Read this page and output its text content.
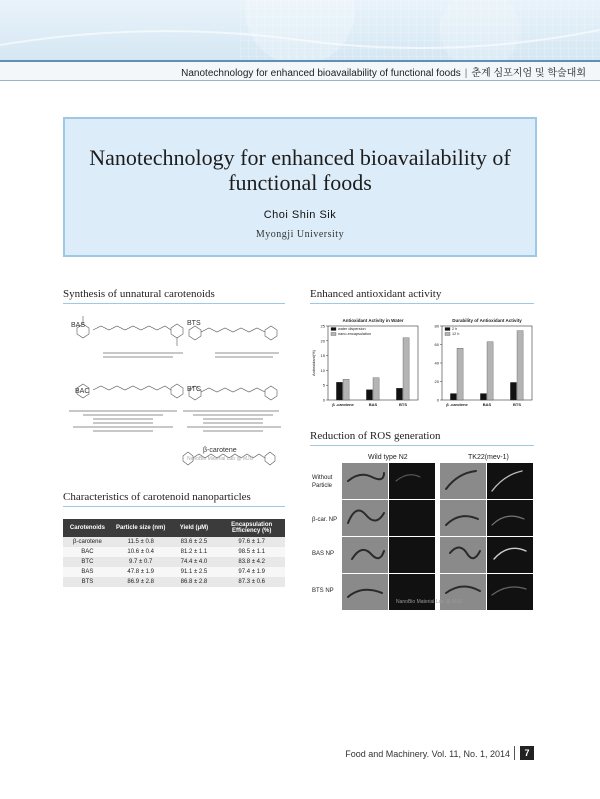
Nanotechnology for enhanced bioavailability of functional foods | 춘계 심포지엄 및 학술대회
Nanotechnology for enhanced bioavailability of functional foods
Choi Shin Sik
Myongji University
Synthesis of unnatural carotenoids	Enhanced antioxidant activity
Reduction of ROS generation
Characteristics of carotenoid nanoparticles
BAS	BTS
BAC	BTC
β-carotene
NanoBio Material Lab @ MJU
Carotenoids	Particle size (nm)	Yield (μM)	Encapsulation Efficiency (%)
β-carotene	11.5 ± 0.8	83.6 ± 2.5	97.6 ± 1.7
BAC	10.6 ± 0.4	81.2 ± 1.1	98.5 ± 1.1
BTC	9.7 ± 0.7	74.4 ± 4.0	83.8 ± 4.2
BAS	47.8 ± 1.9	91.1 ± 2.5	97.4 ± 1.9
BTS	86.9 ± 2.8	86.8 ± 2.8	87.3 ± 0.6
Antioxidant Activity in Water
0
5
10
15
20
25
Antioxidant(%)
β -carotene	BAS	BTS
water dispersion
nano-encapsulation
Durability of Antioxidant Activity
0
20
40
60
80
β -carotene	BAS	BTS
2 h
12 h
Wild type N2	TK22(mev-1)
Without Particle
β-car. NP
BAS NP
BTS NP
NanoBio Material Lab @ MJU
Food and Machinery. Vol. 11, No. 1, 2014	7
